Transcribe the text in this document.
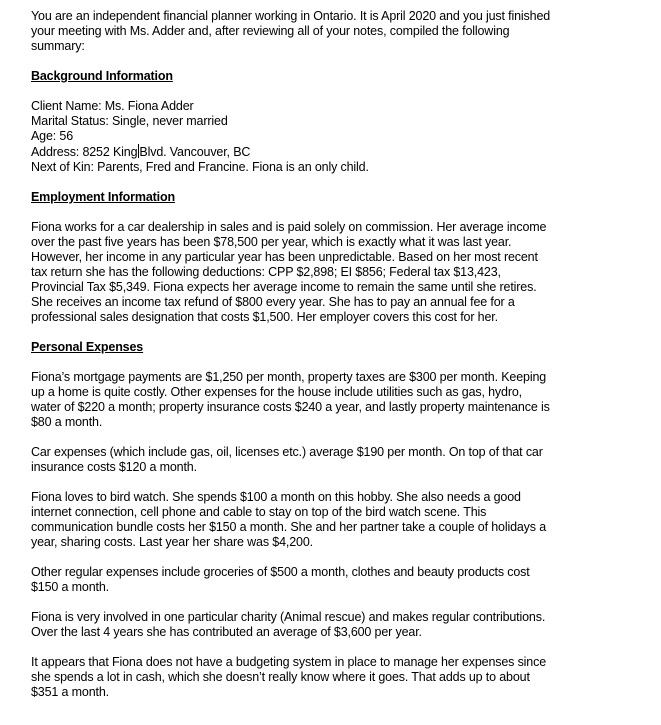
You are an independent financial planner working in Ontario. It is April 2020 and you just finished

your meeting with Ms. Adder and, after reviewing all of your notes, compiled the following

summary:

Background Information

Client Name: Ms. Fiona Adder

Marital Status: Single, never married

Age: 56

Address: 8252 King Blvd. Vancouver, BC

Next of Kin: Parents, Fred and Francine. Fiona is an only child.

Employment Information

Fiona works for a car dealership in sales and is paid solely on commission. Her average income

over the past five years has been $78,500 per year, which is exactly what it was last year.

However, her income in any particular year has been unpredictable. Based on her most recent

tax return she has the following deductions: CPP $2,898; EI $856; Federal tax $13,423,

Provincial Tax $5,349. Fiona expects her average income to remain the same until she retires.

She receives an income tax refund of $800 every year. She has to pay an annual fee for a

professional sales designation that costs $1,500. Her employer covers this cost for her.

Personal Expenses

Fiona’s mortgage payments are $1,250 per month, property taxes are $300 per month. Keeping

up a home is quite costly. Other expenses for the house include utilities such as gas, hydro,

water of $220 a month; property insurance costs $240 a year, and lastly property maintenance is

$80 a month.

Car expenses (which include gas, oil, licenses etc.) average $190 per month. On top of that car

insurance costs $120 a month.

Fiona loves to bird watch. She spends $100 a month on this hobby. She also needs a good

internet connection, cell phone and cable to stay on top of the bird watch scene. This

communication bundle costs her $150 a month. She and her partner take a couple of holidays a

year, sharing costs. Last year her share was $4,200.

Other regular expenses include groceries of $500 a month, clothes and beauty products cost

$150 a month.

Fiona is very involved in one particular charity (Animal rescue) and makes regular contributions.

Over the last 4 years she has contributed an average of $3,600 per year.

It appears that Fiona does not have a budgeting system in place to manage her expenses since

she spends a lot in cash, which she doesn’t really know where it goes. That adds up to about

$351 a month.
